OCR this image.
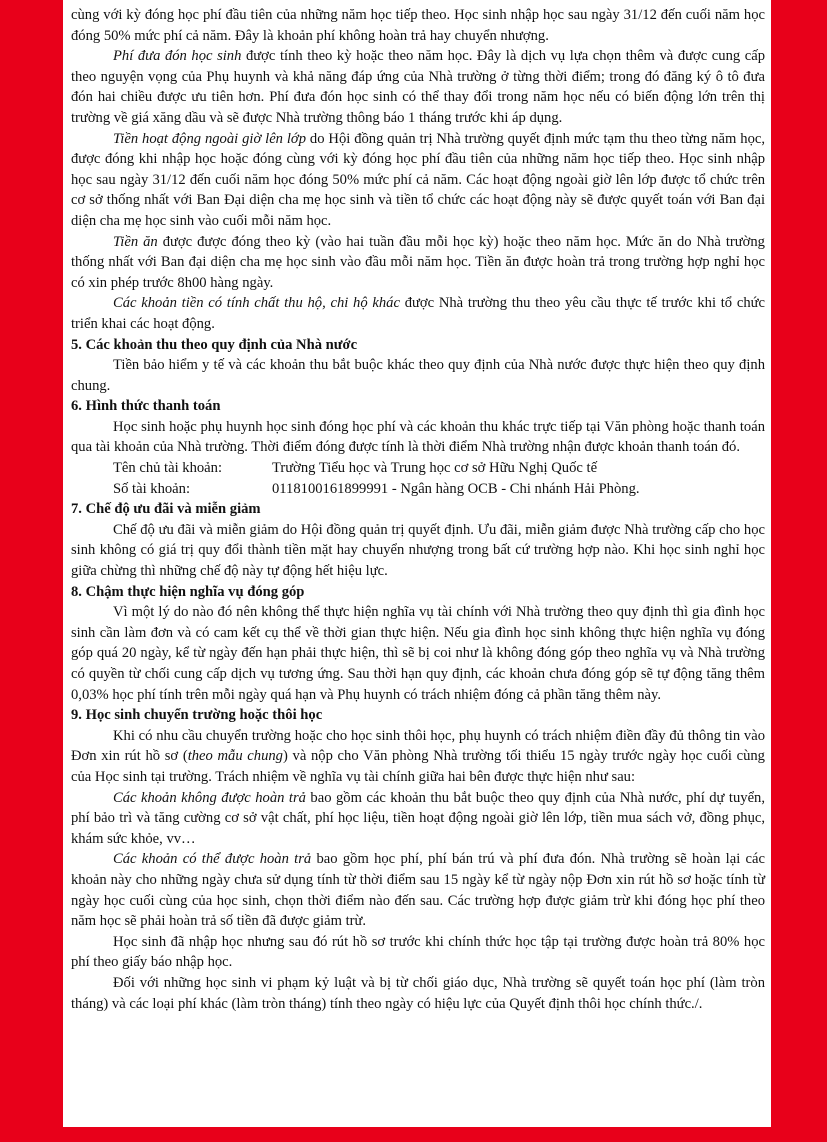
cùng với kỳ đóng học phí đầu tiên của những năm học tiếp theo. Học sinh nhập học sau ngày 31/12 đến cuối năm học đóng 50% mức phí cả năm. Đây là khoản phí không hoàn trả hay chuyển nhượng.

Phí đưa đón học sinh được tính theo kỳ hoặc theo năm học. Đây là dịch vụ lựa chọn thêm và được cung cấp theo nguyện vọng của Phụ huynh và khả năng đáp ứng của Nhà trường ở từng thời điểm; trong đó đăng ký ô tô đưa đón hai chiều được ưu tiên hơn. Phí đưa đón học sinh có thể thay đổi trong năm học nếu có biến động lớn trên thị trường về giá xăng dầu và sẽ được Nhà trường thông báo 1 tháng trước khi áp dụng.

Tiền hoạt động ngoài giờ lên lớp do Hội đồng quản trị Nhà trường quyết định mức tạm thu theo từng năm học, được đóng khi nhập học hoặc đóng cùng với kỳ đóng học phí đầu tiên của những năm học tiếp theo. Học sinh nhập học sau ngày 31/12 đến cuối năm học đóng 50% mức phí cả năm. Các hoạt động ngoài giờ lên lớp được tổ chức trên cơ sở thống nhất với Ban Đại diện cha mẹ học sinh và tiền tổ chức các hoạt động này sẽ được quyết toán với Ban đại diện cha mẹ học sinh vào cuối mỗi năm học.

Tiền ăn được được đóng theo kỳ (vào hai tuần đầu mỗi học kỳ) hoặc theo năm học. Mức ăn do Nhà trường thống nhất với Ban đại diện cha mẹ học sinh vào đầu mỗi năm học. Tiền ăn được hoàn trả trong trường hợp nghỉ học có xin phép trước 8h00 hàng ngày.

Các khoản tiền có tính chất thu hộ, chi hộ khác được Nhà trường thu theo yêu cầu thực tế trước khi tổ chức triển khai các hoạt động.

5. Các khoản thu theo quy định của Nhà nước

Tiền bảo hiểm y tế và các khoản thu bắt buộc khác theo quy định của Nhà nước được thực hiện theo quy định chung.

6. Hình thức thanh toán

Học sinh hoặc phụ huynh học sinh đóng học phí và các khoản thu khác trực tiếp tại Văn phòng hoặc thanh toán qua tài khoản của Nhà trường. Thời điểm đóng được tính là thời điểm Nhà trường nhận được khoản thanh toán đó.

Tên chủ tài khoản:	Trường Tiểu học và Trung học cơ sở Hữu Nghị Quốc tế
Số tài khoản:	0118100161899991 - Ngân hàng OCB - Chi nhánh Hải Phòng.
7. Chế độ ưu đãi và miễn giảm

Chế độ ưu đãi và miễn giảm do Hội đồng quản trị quyết định. Ưu đãi, miễn giảm được Nhà trường cấp cho học sinh không có giá trị quy đổi thành tiền mặt hay chuyển nhượng trong bất cứ trường hợp nào. Khi học sinh nghỉ học giữa chừng thì những chế độ này tự động hết hiệu lực.

8. Chậm thực hiện nghĩa vụ đóng góp

Vì một lý do nào đó nên không thể thực hiện nghĩa vụ tài chính với Nhà trường theo quy định thì gia đình học sinh cần làm đơn và có cam kết cụ thể về thời gian thực hiện. Nếu gia đình học sinh không thực hiện nghĩa vụ đóng góp quá 20 ngày, kể từ ngày đến hạn phải thực hiện, thì sẽ bị coi như là không đóng góp theo nghĩa vụ và Nhà trường có quyền từ chối cung cấp dịch vụ tương ứng. Sau thời hạn quy định, các khoản chưa đóng góp sẽ tự động tăng thêm 0,03% học phí tính trên mỗi ngày quá hạn và Phụ huynh có trách nhiệm đóng cả phần tăng thêm này.

9. Học sinh chuyển trường hoặc thôi học

Khi có nhu cầu chuyển trường hoặc cho học sinh thôi học, phụ huynh có trách nhiệm điền đầy đủ thông tin vào Đơn xin rút hồ sơ (theo mẫu chung) và nộp cho Văn phòng Nhà trường tối thiểu 15 ngày trước ngày học cuối cùng của Học sinh tại trường. Trách nhiệm về nghĩa vụ tài chính giữa hai bên được thực hiện như sau:

Các khoản không được hoàn trả bao gồm các khoản thu bắt buộc theo quy định của Nhà nước, phí dự tuyển, phí bảo trì và tăng cường cơ sở vật chất, phí học liệu, tiền hoạt động ngoài giờ lên lớp, tiền mua sách vở, đồng phục, khám sức khỏe, vv…

Các khoản có thể được hoàn trả bao gồm học phí, phí bán trú và phí đưa đón. Nhà trường sẽ hoàn lại các khoản này cho những ngày chưa sử dụng tính từ thời điểm sau 15 ngày kể từ ngày nộp Đơn xin rút hồ sơ hoặc tính từ ngày học cuối cùng của học sinh, chọn thời điểm nào đến sau. Các trường hợp được giảm trừ khi đóng học phí theo năm học sẽ phải hoàn trả số tiền đã được giảm trừ.

Học sinh đã nhập học nhưng sau đó rút hồ sơ trước khi chính thức học tập tại trường được hoàn trả 80% học phí theo giấy báo nhập học.

Đối với những học sinh vi phạm kỷ luật và bị từ chối giáo dục, Nhà trường sẽ quyết toán học phí (làm tròn tháng) và các loại phí khác (làm tròn tháng) tính theo ngày có hiệu lực của Quyết định thôi học chính thức./.
